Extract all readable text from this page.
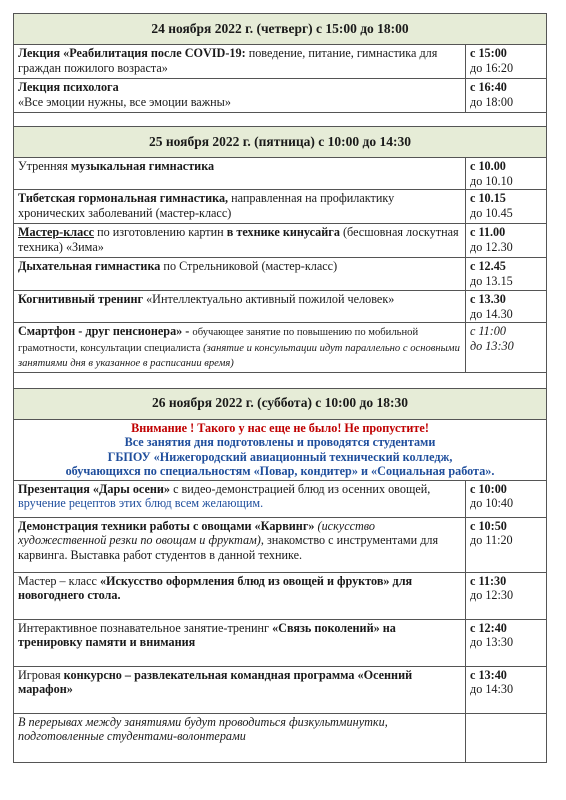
24 ноября 2022 г. (четверг) с 15:00 до 18:00	
Лекция «Реабилитация после COVID-19: поведение, питание, гимнастика для граждан пожилого возраста»	с 15:00
до 16:20

Лекция психолога
«Все эмоции нужны, все эмоции важны»	с 16:40
до 18:00

25 ноября 2022 г. (пятница) с 10:00 до 14:30	
Утренняя музыкальная гимнастика	с 10.00
до 10.10

Тибетская гормональная гимнастика, направленная на профилактику хронических заболеваний (мастер-класс)	с 10.15
до 10.45

Мастер-класс по изготовлению картин в технике кинусайга (бесшовная лоскутная техника) «Зима»	с 11.00
до 12.30

Дыхательная гимнастика по Стрельниковой (мастер-класс)	с 12.45
до 13.15

Когнитивный тренинг «Интеллектуально активный пожилой человек»	с 13.30
до 14.30

Смартфон - друг пенсионера» - обучающее занятие по повышению по мобильной грамотности, консультации специалиста (занятие и консультации идут параллельно с основными занятиями дня в указанное в расписании время)	с 11:00
до 13:30

26 ноября 2022 г. (суббота) с 10:00 до 18:30	
Внимание ! Такого у нас еще не было! Не пропустите!
Все занятия дня подготовлены и проводятся студентами
ГБПОУ «Нижегородский авиационный технический колледж,
обучающихся по специальностям «Повар, кондитер» и «Социальная работа».	

Презентация «Дары осени» с видео-демонстрацией блюд из осенних овощей, вручение рецептов этих блюд всем желающим.	с 10:00
до 10:40

Демонстрация техники работы с овощами «Карвинг» (искусство художественной резки по овощам и фруктам), знакомство с инструментами для карвинга. Выставка работ студентов в данной технике.	с 10:50
до 11:20

Мастер – класс «Искусство оформления блюд из овощей и фруктов» для новогоднего стола.	с 11:30
до 12:30

Интерактивное познавательное занятие-тренинг «Связь поколений» на тренировку памяти и внимания	с 12:40
до 13:30

Игровая конкурсно – развлекательная командная программа «Осенний марафон»	с 13:40
до 14:30

В перерывах между занятиями будут проводиться физкультминутки, подготовленные студентами-волонтерами	
